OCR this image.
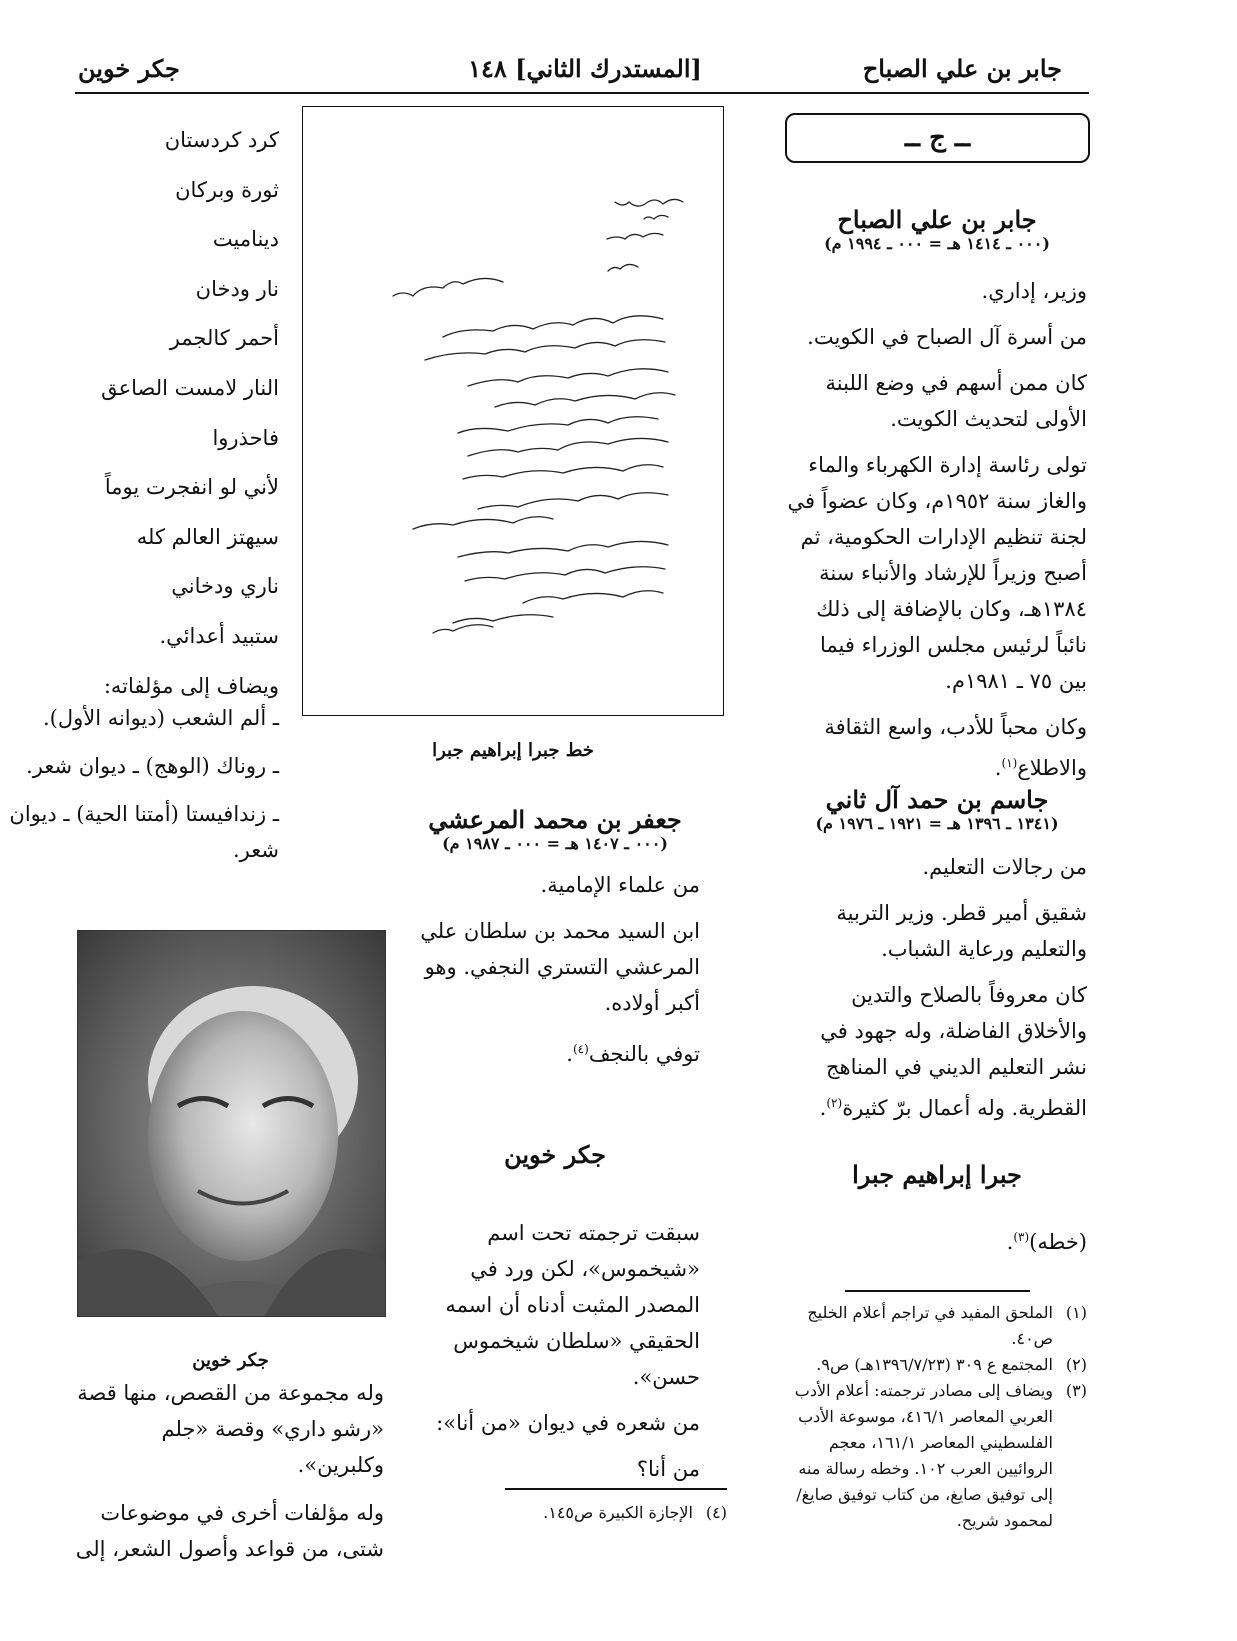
جابر بن علي الصباح
[المستدرك الثاني] ١٤٨
جكر خوين
ــ ج ــ

جابر بن علي الصباح

(٠٠٠ ـ ١٤١٤ هـ = ٠٠٠ ـ ١٩٩٤ م)

وزير، إداري.

من أسرة آل الصباح في الكويت.

كان ممن أسهم في وضع اللبنة الأولى لتحديث الكويت.

تولى رئاسة إدارة الكهرباء والماء والغاز سنة ١٩٥٢م، وكان عضواً في لجنة تنظيم الإدارات الحكومية، ثم أصبح وزيراً للإرشاد والأنباء سنة ١٣٨٤هـ، وكان بالإضافة إلى ذلك نائباً لرئيس مجلس الوزراء فيما بين ٧٥ ـ ١٩٨١م.

وكان محباً للأدب، واسع الثقافة والاطلاع$^{(١)}$.

جاسم بن حمد آل ثاني

(١٣٤١ ـ ١٣٩٦ هـ = ١٩٢١ ـ ١٩٧٦ م)

من رجالات التعليم.

شقيق أمير قطر. وزير التربية والتعليم ورعاية الشباب.

كان معروفاً بالصلاح والتدين والأخلاق الفاضلة، وله جهود في نشر التعليم الديني في المناهج القطرية. وله أعمال برّ كثيرة$^{(٢)}$.

جبرا إبراهيم جبرا

(خطه)$^{(٣)}$.

(١)
الملحق المفيد في تراجم أعلام الخليج ص٤٠.
(٢)
المجتمع ع ٣٠٩ (١٣٩٦/٧/٢٣هـ) ص٩.
(٣)
ويضاف إلى مصادر ترجمته: أعلام الأدب العربي المعاصر ٤١٦/١، موسوعة الأدب الفلسطيني المعاصر ١٦١/١، معجم الروائيين العرب ١٠٢. وخطه رسالة منه إلى توفيق صايغ، من كتاب توفيق صايغ/ لمحمود شريح.
خط جبرا إبراهيم جبرا

جعفر بن محمد المرعشي

(٠٠٠ ـ ١٤٠٧ هـ = ٠٠٠ ـ ١٩٨٧ م)

من علماء الإمامية.

ابن السيد محمد بن سلطان علي المرعشي التستري النجفي. وهو أكبر أولاده.

توفي بالنجف$^{(٤)}$.

جكر خوين

سبقت ترجمته تحت اسم «شيخموس»، لكن ورد في المصدر المثبت أدناه أن اسمه الحقيقي «سلطان شيخموس حسن».

من شعره في ديوان «من أنا»:

من أنا؟

(٤)
الإجازة الكبيرة ص١٤٥.

كرد كردستان

ثورة وبركان

ديناميت

نار ودخان

أحمر كالجمر

النار لامست الصاعق

فاحذروا

لأني لو انفجرت يوماً

سيهتز العالم كله

ناري ودخاني

ستبيد أعدائي.

ويضاف إلى مؤلفاته:

ـ ألم الشعب (ديوانه الأول).

ـ روناك (الوهج) ـ ديوان شعر.

ـ زندافيستا (أمتنا الحية) ـ ديوان شعر.

جكر خوين

وله مجموعة من القصص، منها قصة «رشو داري» وقصة «جلم وكلبرين».

وله مؤلفات أخرى في موضوعات شتى، من قواعد وأصول الشعر، إلى
